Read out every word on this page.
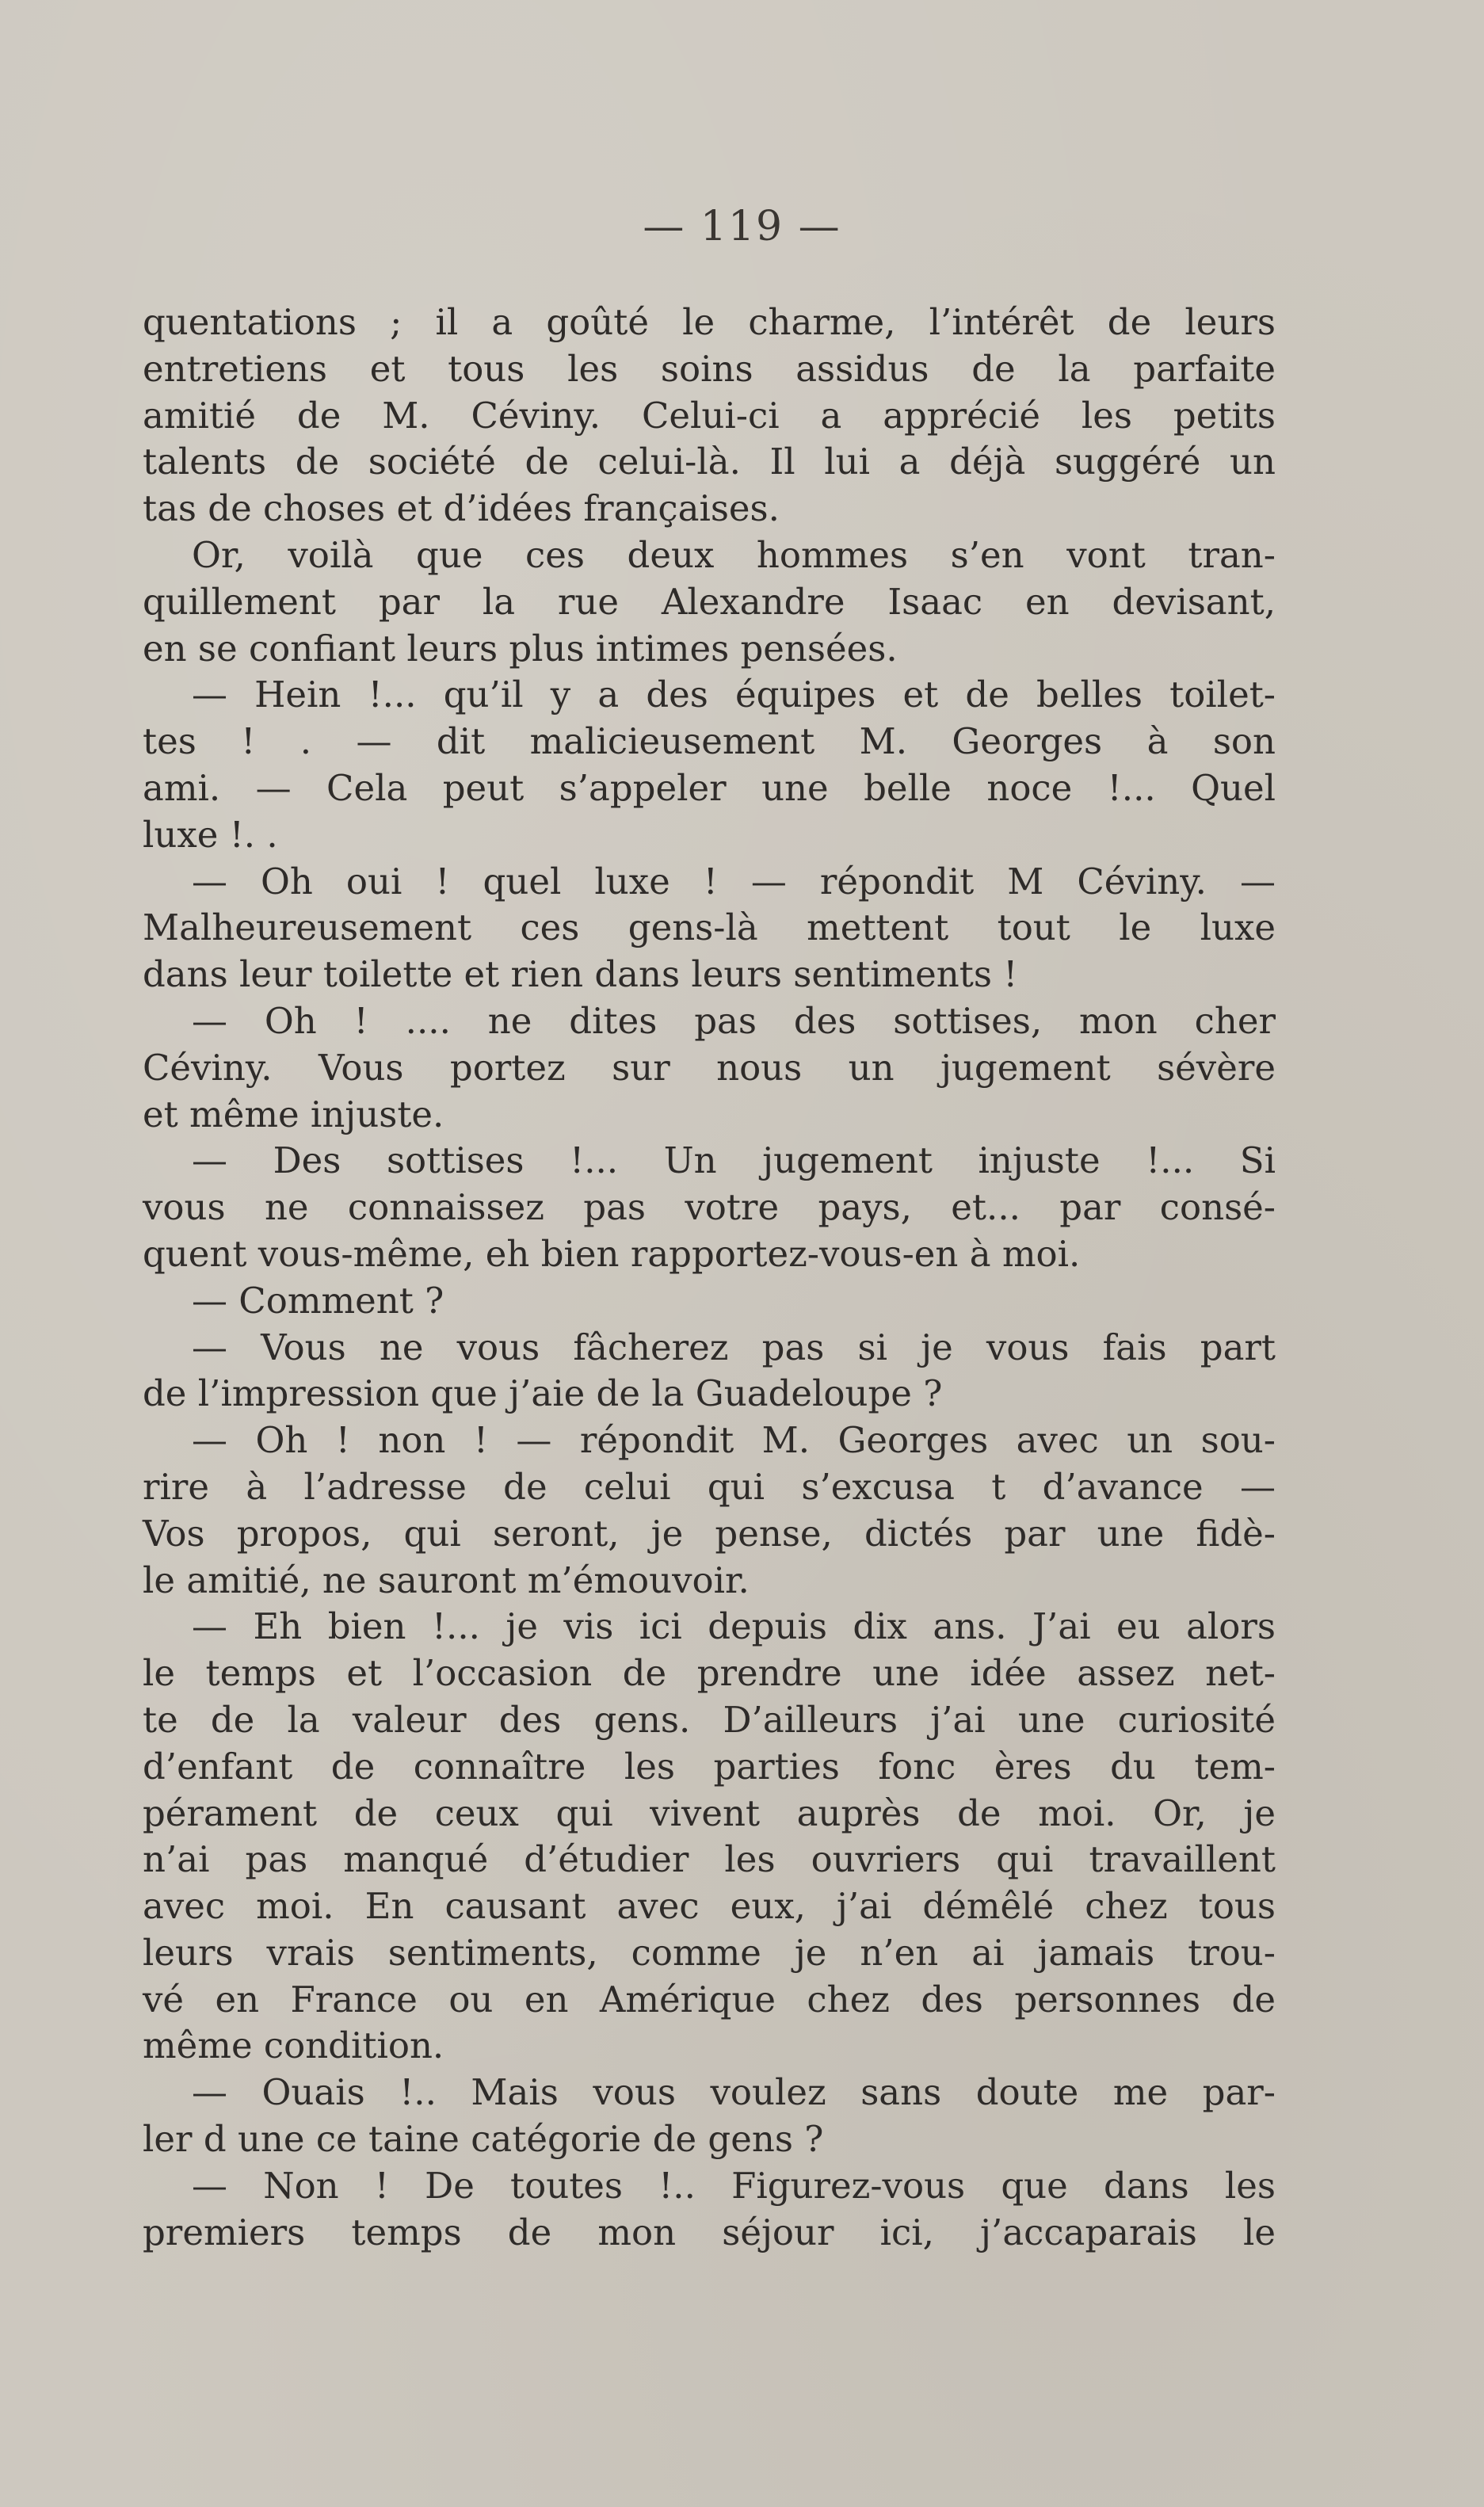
— 119 —
quentations ; il a goûté le charme, l’intérêt de leurs
entretiens et tous les soins assidus de la parfaite
amitié de M. Céviny. Celui-ci a apprécié les petits
talents de société de celui-là. Il lui a déjà suggéré un
tas de choses et d’idées françaises.
Or, voilà que ces deux hommes s’en vont tran-
quillement par la rue Alexandre Isaac en devisant,
en se confiant leurs plus intimes pensées.
— Hein !... qu’il y a des équipes et de belles toilet-
tes ! . — dit malicieusement M. Georges à son
ami. — Cela peut s’appeler une belle noce !... Quel
luxe !. .
— Oh oui ! quel luxe ! — répondit M Céviny. —
Malheureusement ces gens-là mettent tout le luxe
dans leur toilette et rien dans leurs sentiments !
— Oh ! .... ne dites pas des sottises, mon cher
Céviny. Vous portez sur nous un jugement sévère
et même injuste.
— Des sottises !... Un jugement injuste !... Si
vous ne connaissez pas votre pays, et... par consé-
quent vous-même, eh bien rapportez-vous-en à moi.
— Comment ?
— Vous ne vous fâcherez pas si je vous fais part
de l’impression que j’aie de la Guadeloupe ?
— Oh ! non ! — répondit M. Georges avec un sou-
rire à l’adresse de celui qui s’excusa t d’avance —
Vos propos, qui seront, je pense, dictés par une fidè-
le amitié, ne sauront m’émouvoir.
— Eh bien !... je vis ici depuis dix ans. J’ai eu alors
le temps et l’occasion de prendre une idée assez net-
te de la valeur des gens. D’ailleurs j’ai une curiosité
d’enfant de connaître les parties fonc ères du tem-
pérament de ceux qui vivent auprès de moi. Or, je
n’ai pas manqué d’étudier les ouvriers qui travaillent
avec moi. En causant avec eux, j’ai démêlé chez tous
leurs vrais sentiments, comme je n’en ai jamais trou-
vé en France ou en Amérique chez des personnes de
même condition.
— Ouais !.. Mais vous voulez sans doute me par-
ler d une ce taine catégorie de gens ?
— Non ! De toutes !.. Figurez-vous que dans les
premiers temps de mon séjour ici, j’accaparais le
